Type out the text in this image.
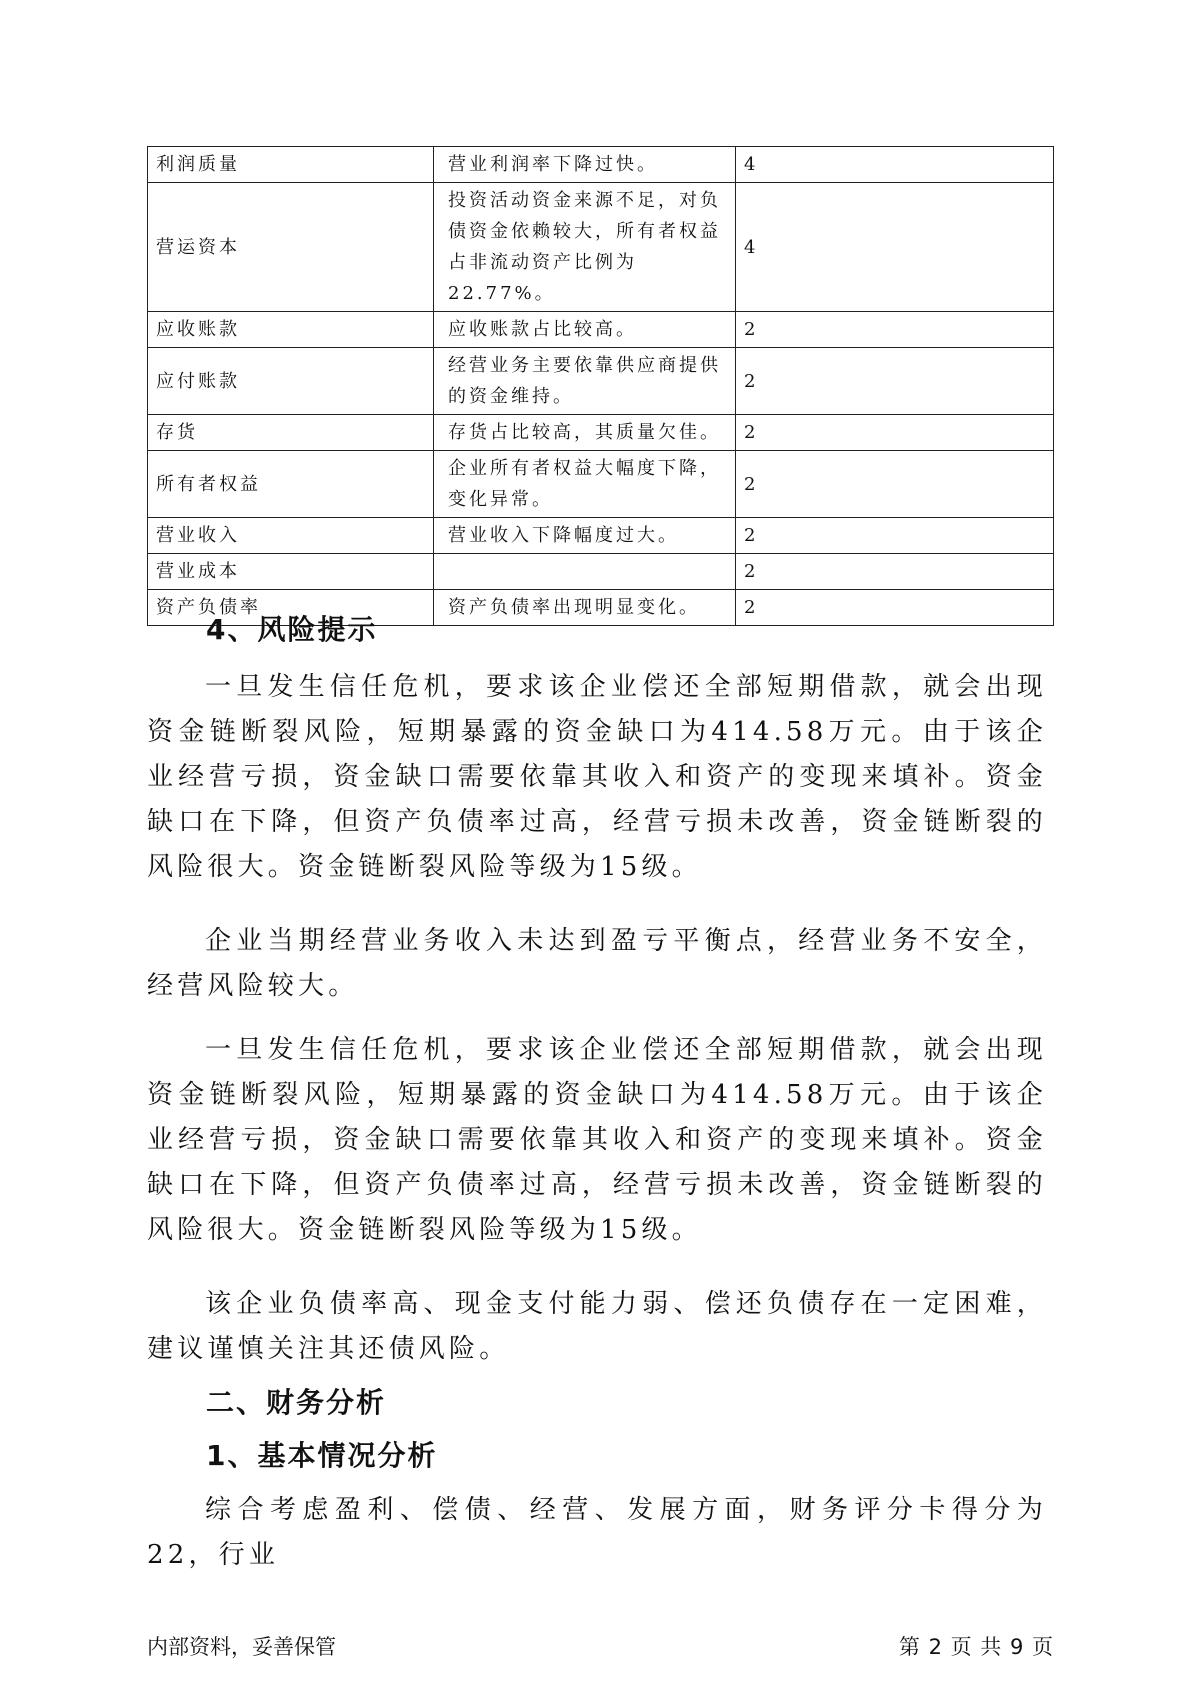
利润质量	营业利润率下降过快。	4
营运资本	投资活动资金来源不足，对负债资金依赖较大，所有者权益占非流动资产比例为22.77%。	4
应收账款	应收账款占比较高。	2
应付账款	经营业务主要依靠供应商提供的资金维持。	2
存货	存货占比较高，其质量欠佳。	2
所有者权益	企业所有者权益大幅度下降，变化异常。	2
营业收入	营业收入下降幅度过大。	2
营业成本		2
资产负债率	资产负债率出现明显变化。	2
4、风险提示

一旦发生信任危机，要求该企业偿还全部短期借款，就会出现资金链断裂风险，短期暴露的资金缺口为414.58万元。由于该企业经营亏损，资金缺口需要依靠其收入和资产的变现来填补。资金缺口在下降，但资产负债率过高，经营亏损未改善，资金链断裂的风险很大。资金链断裂风险等级为15级。

企业当期经营业务收入未达到盈亏平衡点，经营业务不安全，经营风险较大。

一旦发生信任危机，要求该企业偿还全部短期借款，就会出现资金链断裂风险，短期暴露的资金缺口为414.58万元。由于该企业经营亏损，资金缺口需要依靠其收入和资产的变现来填补。资金缺口在下降，但资产负债率过高，经营亏损未改善，资金链断裂的风险很大。资金链断裂风险等级为15级。

该企业负债率高、现金支付能力弱、偿还负债存在一定困难，建议谨慎关注其还债风险。

二、财务分析
1、基本情况分析

综合考虑盈利、偿债、经营、发展方面，财务评分卡得分为22，行业

内部资料，妥善保管	第 2 页 共 9 页
